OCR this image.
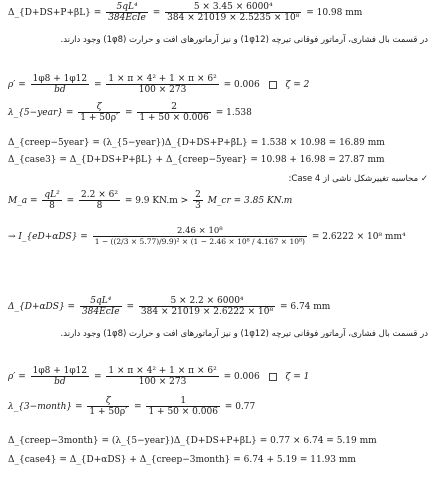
Δ_{D+DS+P+βL} = $\frac{\text{5qL⁴}}{\text{384EcIe}} = \frac{\text{5 × 3.45 × 6000⁴}}{\text{384 × 21019 × 2.5235 × 10⁸}} = 10.98$ mm
در قسمت بال فشاری، آرماتور فوقانی تیرچه (1φ12) و نیز آرماتورهای افت و حرارت (1φ8) وجود دارند.
$\rho' = \frac{1\varphi 8 + 1\varphi 12}{bd} = \frac{\text{1 × π × 4² + 1 × π × 6²}}{100 \times 273} = 0.006$	ζ = 2
λ_{5−year} = $\frac{\zeta}{1 + 50\rho'} = \frac{2}{1 + 50 \times 0.006} = 1.538$
Δ_{creep−5year} = (λ_{5−year})Δ_{D+DS+P+βL} = 1.538 × 10.98 = 16.89 mm
Δ_{case3} = Δ_{D+DS+P+βL} + Δ_{creep−5year} = 10.98 + 16.98 = 27.87 mm
✓ محاسبه تغییرشکل ناشی از Case 4:
M_a = $\frac{\text{qL²}}{8} = \frac{\text{2.2 × 6²}}{8} = 9.9$ $KN.m > \frac{2}{3}$ M_cr = 3.85 KN.m
→ I_{eD+αDS} = $\frac{\text{2.46 × 10⁸}}{\text{1 − ((2/3 × 5.77)/9.9)² × (1 − 2.46 × 10⁸ / 4.167 × 10⁸)}} = 2.6222 \times 10^8$ mm⁴
Δ_{D+αDS} = $\frac{\text{5qL⁴}}{\text{384EcIe}} = \frac{\text{5 × 2.2 × 6000⁴}}{\text{384 × 21019 × 2.6222 × 10⁸}} = 6.74$ mm
در قسمت بال فشاری، آرماتور فوقانی تیرچه (1φ12) و نیز آرماتورهای افت و حرارت (1φ8) وجود دارند.
$\rho' = \frac{1\varphi 8 + 1\varphi 12}{bd} = \frac{\text{1 × π × 4² + 1 × π × 6²}}{100 \times 273} = 0.006$	ζ = 1
λ_{3−month} = $\frac{\zeta}{1 + 50\rho'} = \frac{1}{1 + 50 \times 0.006} = 0.77$
Δ_{creep−3month} = (λ_{5−year})Δ_{D+DS+P+βL} = 0.77 × 6.74 = 5.19 mm
Δ_{case4} = Δ_{D+αDS} + Δ_{creep−3month} = 6.74 + 5.19 = 11.93 mm
